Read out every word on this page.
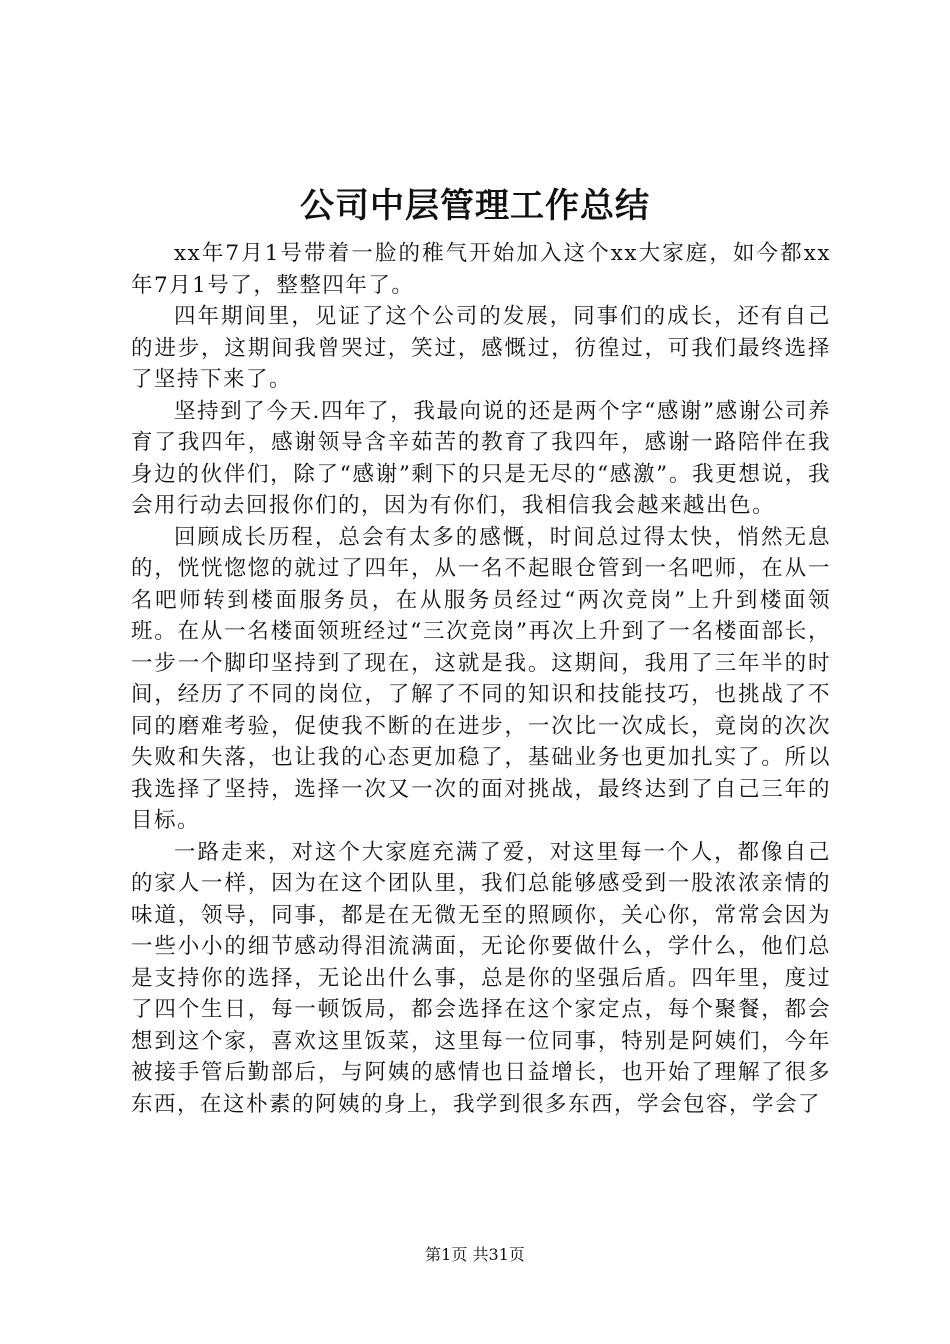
公司中层管理工作总结

xx年7月1号带着一脸的稚气开始加入这个xx大家庭，如今都xx年7月1号了，整整四年了。

四年期间里，见证了这个公司的发展，同事们的成长，还有自己的进步，这期间我曾哭过，笑过，感慨过，彷徨过，可我们最终选择了坚持下来了。

坚持到了今天.四年了，我最向说的还是两个字“感谢”感谢公司养育了我四年，感谢领导含辛茹苦的教育了我四年，感谢一路陪伴在我身边的伙伴们，除了“感谢”剩下的只是无尽的“感激”。我更想说，我会用行动去回报你们的，因为有你们，我相信我会越来越出色。

回顾成长历程，总会有太多的感慨，时间总过得太快，悄然无息的，恍恍惚惚的就过了四年，从一名不起眼仓管到一名吧师，在从一名吧师转到楼面服务员，在从服务员经过“两次竞岗”上升到楼面领班。在从一名楼面领班经过“三次竞岗”再次上升到了一名楼面部长，一步一个脚印坚持到了现在，这就是我。这期间，我用了三年半的时间，经历了不同的岗位，了解了不同的知识和技能技巧，也挑战了不同的磨难考验，促使我不断的在进步，一次比一次成长，竟岗的次次失败和失落，也让我的心态更加稳了，基础业务也更加扎实了。所以我选择了坚持，选择一次又一次的面对挑战，最终达到了自己三年的目标。

一路走来，对这个大家庭充满了爱，对这里每一个人，都像自己的家人一样，因为在这个团队里，我们总能够感受到一股浓浓亲情的味道，领导，同事，都是在无微无至的照顾你，关心你，常常会因为一些小小的细节感动得泪流满面，无论你要做什么，学什么，他们总是支持你的选择，无论出什么事，总是你的坚强后盾。四年里，度过了四个生日，每一顿饭局，都会选择在这个家定点，每个聚餐，都会想到这个家，喜欢这里饭菜，这里每一位同事，特别是阿姨们，今年被接手管后勤部后，与阿姨的感情也日益增长，也开始了理解了很多东西，在这朴素的阿姨的身上，我学到很多东西，学会包容，学会了

第1页 共31页
